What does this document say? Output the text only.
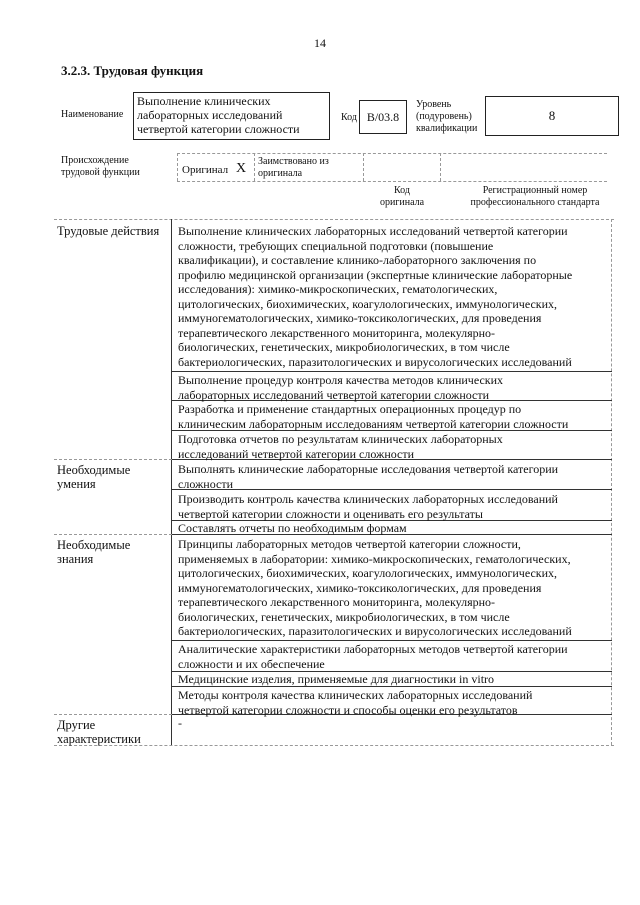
14
3.2.3. Трудовая функция
Наименование
Выполнение клинических
лабораторных исследований
четвертой категории сложности
Код B/03.8
Уровень
(подуровень)
квалификации
8
Происхождение
трудовой функции	Оригинал X Заимствовано из
оригинала
Код
оригинала
Регистрационный номер
профессионального стандарта
Трудовые действия
Необходимые умения
Необходимые знания
Другие характеристики
Выполнение клинических лабораторных исследований четвертой категории
сложности, требующих специальной подготовки (повышение
квалификации), и составление клинико-лабораторного заключения по
профилю медицинской организации (экспертные клинические лабораторные
исследования): химико-микроскопических, гематологических,
цитологических, биохимических, коагулологических, иммунологических,
иммуногематологических, химико-токсикологических, для проведения
терапевтического лекарственного мониторинга, молекулярно-
биологических, генетических, микробиологических, в том числе
бактериологических, паразитологических и вирусологических исследований
Выполнение процедур контроля качества методов клинических
лабораторных исследований четвертой категории сложности
Разработка и применение стандартных операционных процедур по
клиническим лабораторным исследованиям четвертой категории сложности
Подготовка отчетов по результатам клинических лабораторных
исследований четвертой категории сложности
Выполнять клинические лабораторные исследования четвертой категории
сложности
Производить контроль качества клинических лабораторных исследований
четвертой категории сложности и оценивать его результаты
Составлять отчеты по необходимым формам
Принципы лабораторных методов четвертой категории сложности,
применяемых в лаборатории: химико-микроскопических, гематологических,
цитологических, биохимических, коагулологических, иммунологических,
иммуногематологических, химико-токсикологических, для проведения
терапевтического лекарственного мониторинга, молекулярно-
биологических, генетических, микробиологических, в том числе
бактериологических, паразитологических и вирусологических исследований
Аналитические характеристики лабораторных методов четвертой категории
сложности и их обеспечение
Медицинские изделия, применяемые для диагностики in vitro
Методы контроля качества клинических лабораторных исследований
четвертой категории сложности и способы оценки его результатов
-
